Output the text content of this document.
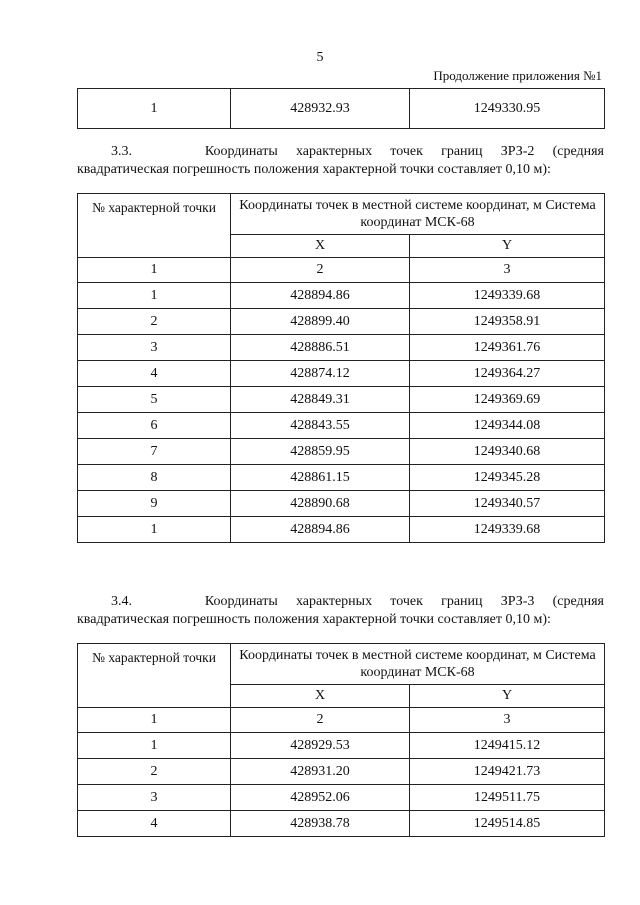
5
Продолжение приложения №1
1	428932.93	1249330.95
3.3.	Координаты характерных точек границ ЗРЗ-2 (средняя
квадратическая погрешность положения характерной точки составляет 0,10 м):
№ характерной точки	Координаты точек в местной системе координат, м Система координат МСК-68	
	X	Y
1	2	3
1	428894.86	1249339.68
2	428899.40	1249358.91
3	428886.51	1249361.76
4	428874.12	1249364.27
5	428849.31	1249369.69
6	428843.55	1249344.08
7	428859.95	1249340.68
8	428861.15	1249345.28
9	428890.68	1249340.57
1	428894.86	1249339.68
3.4.	Координаты характерных точек границ ЗРЗ-3 (средняя
квадратическая погрешность положения характерной точки составляет 0,10 м):
№ характерной точки	Координаты точек в местной системе координат, м Система координат МСК-68	
	X	Y
1	2	3
1	428929.53	1249415.12
2	428931.20	1249421.73
3	428952.06	1249511.75
4	428938.78	1249514.85
